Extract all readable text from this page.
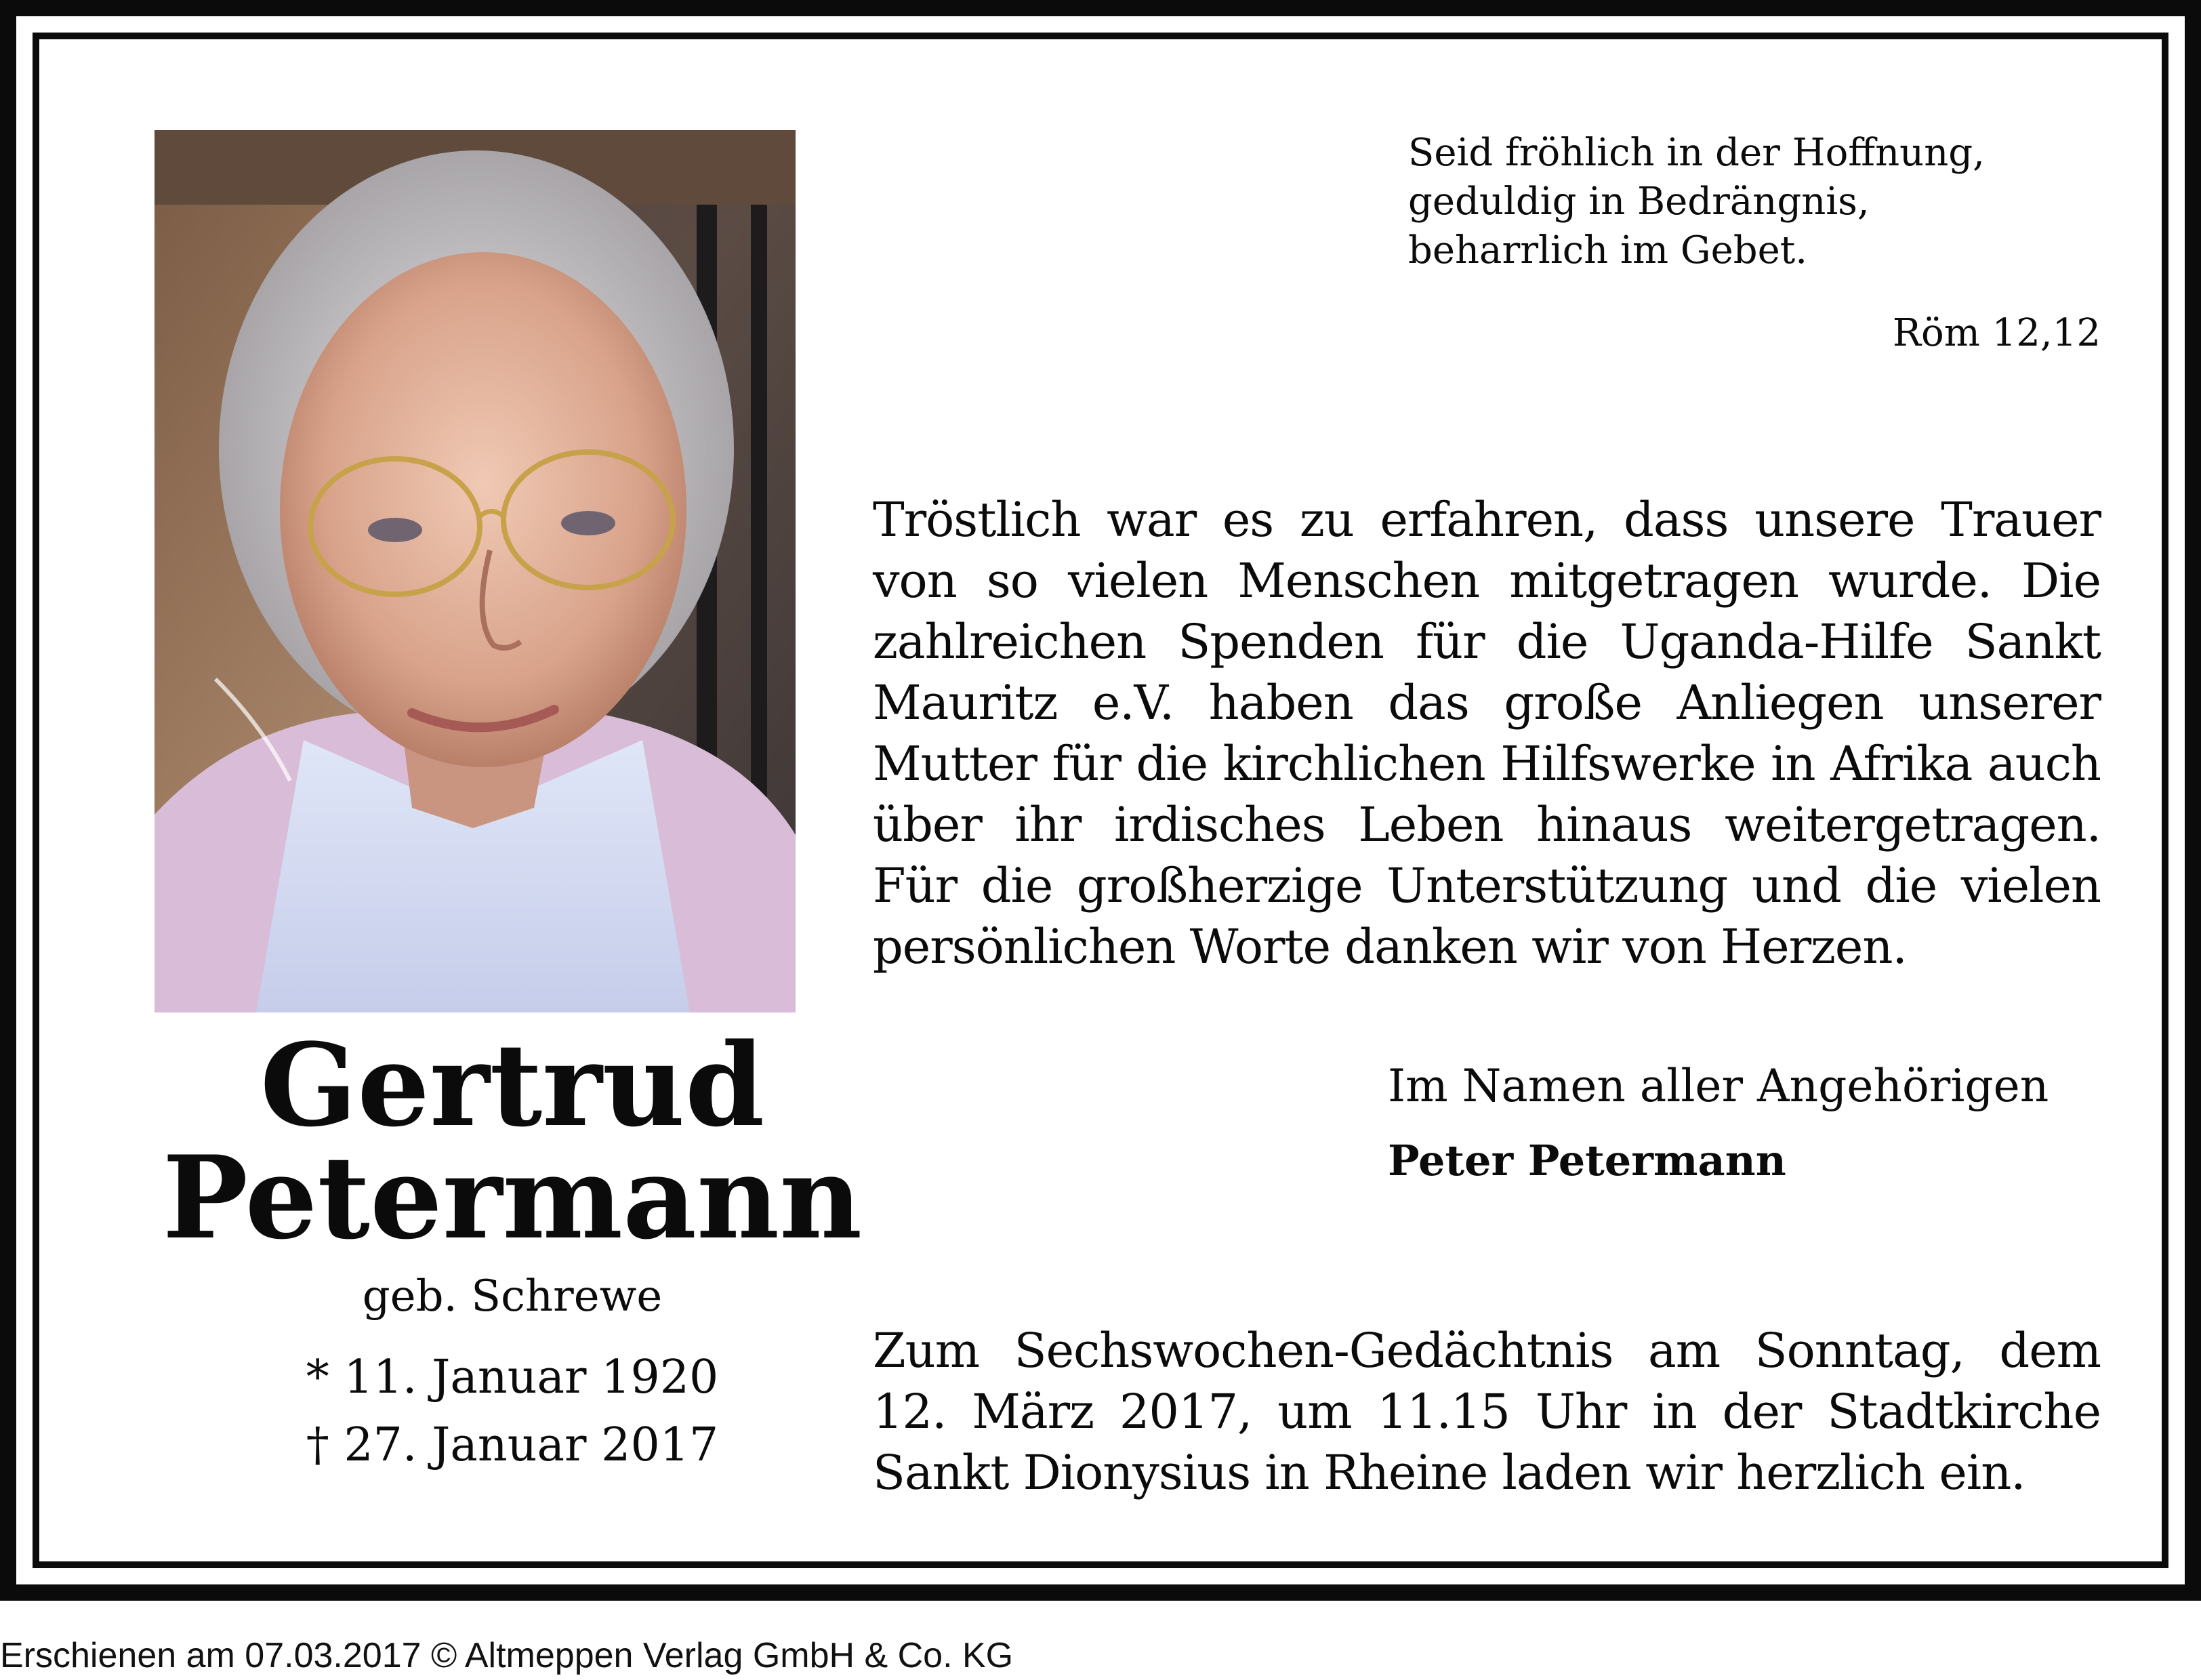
Gertrud
Petermann
geb. Schrewe
* 11. Januar 1920
† 27. Januar 2017
Seid fröhlich in der Hoffnung,
geduldig in Bedrängnis,
beharrlich im Gebet.
Röm 12,12
Tröstlich war es zu erfahren, dass unsere Trauer von so vielen Menschen mitgetragen wurde. Die zahlreichen Spenden für die Uganda-Hilfe Sankt Mauritz e.V. haben das große Anliegen unserer Mutter für die kirchlichen Hilfswerke in Afrika auch über ihr irdisches Leben hinaus weitergetragen. Für die großherzige Unterstützung und die vielen persönlichen Worte danken wir von Herzen.
Im Namen aller Angehörigen
Peter Petermann
Zum Sechswochen-Gedächtnis am Sonntag, dem 12. März 2017, um 11.15 Uhr in der Stadtkirche Sankt Dionysius in Rheine laden wir herzlich ein.
Erschienen am 07.03.2017 © Altmeppen Verlag GmbH & Co. KG
